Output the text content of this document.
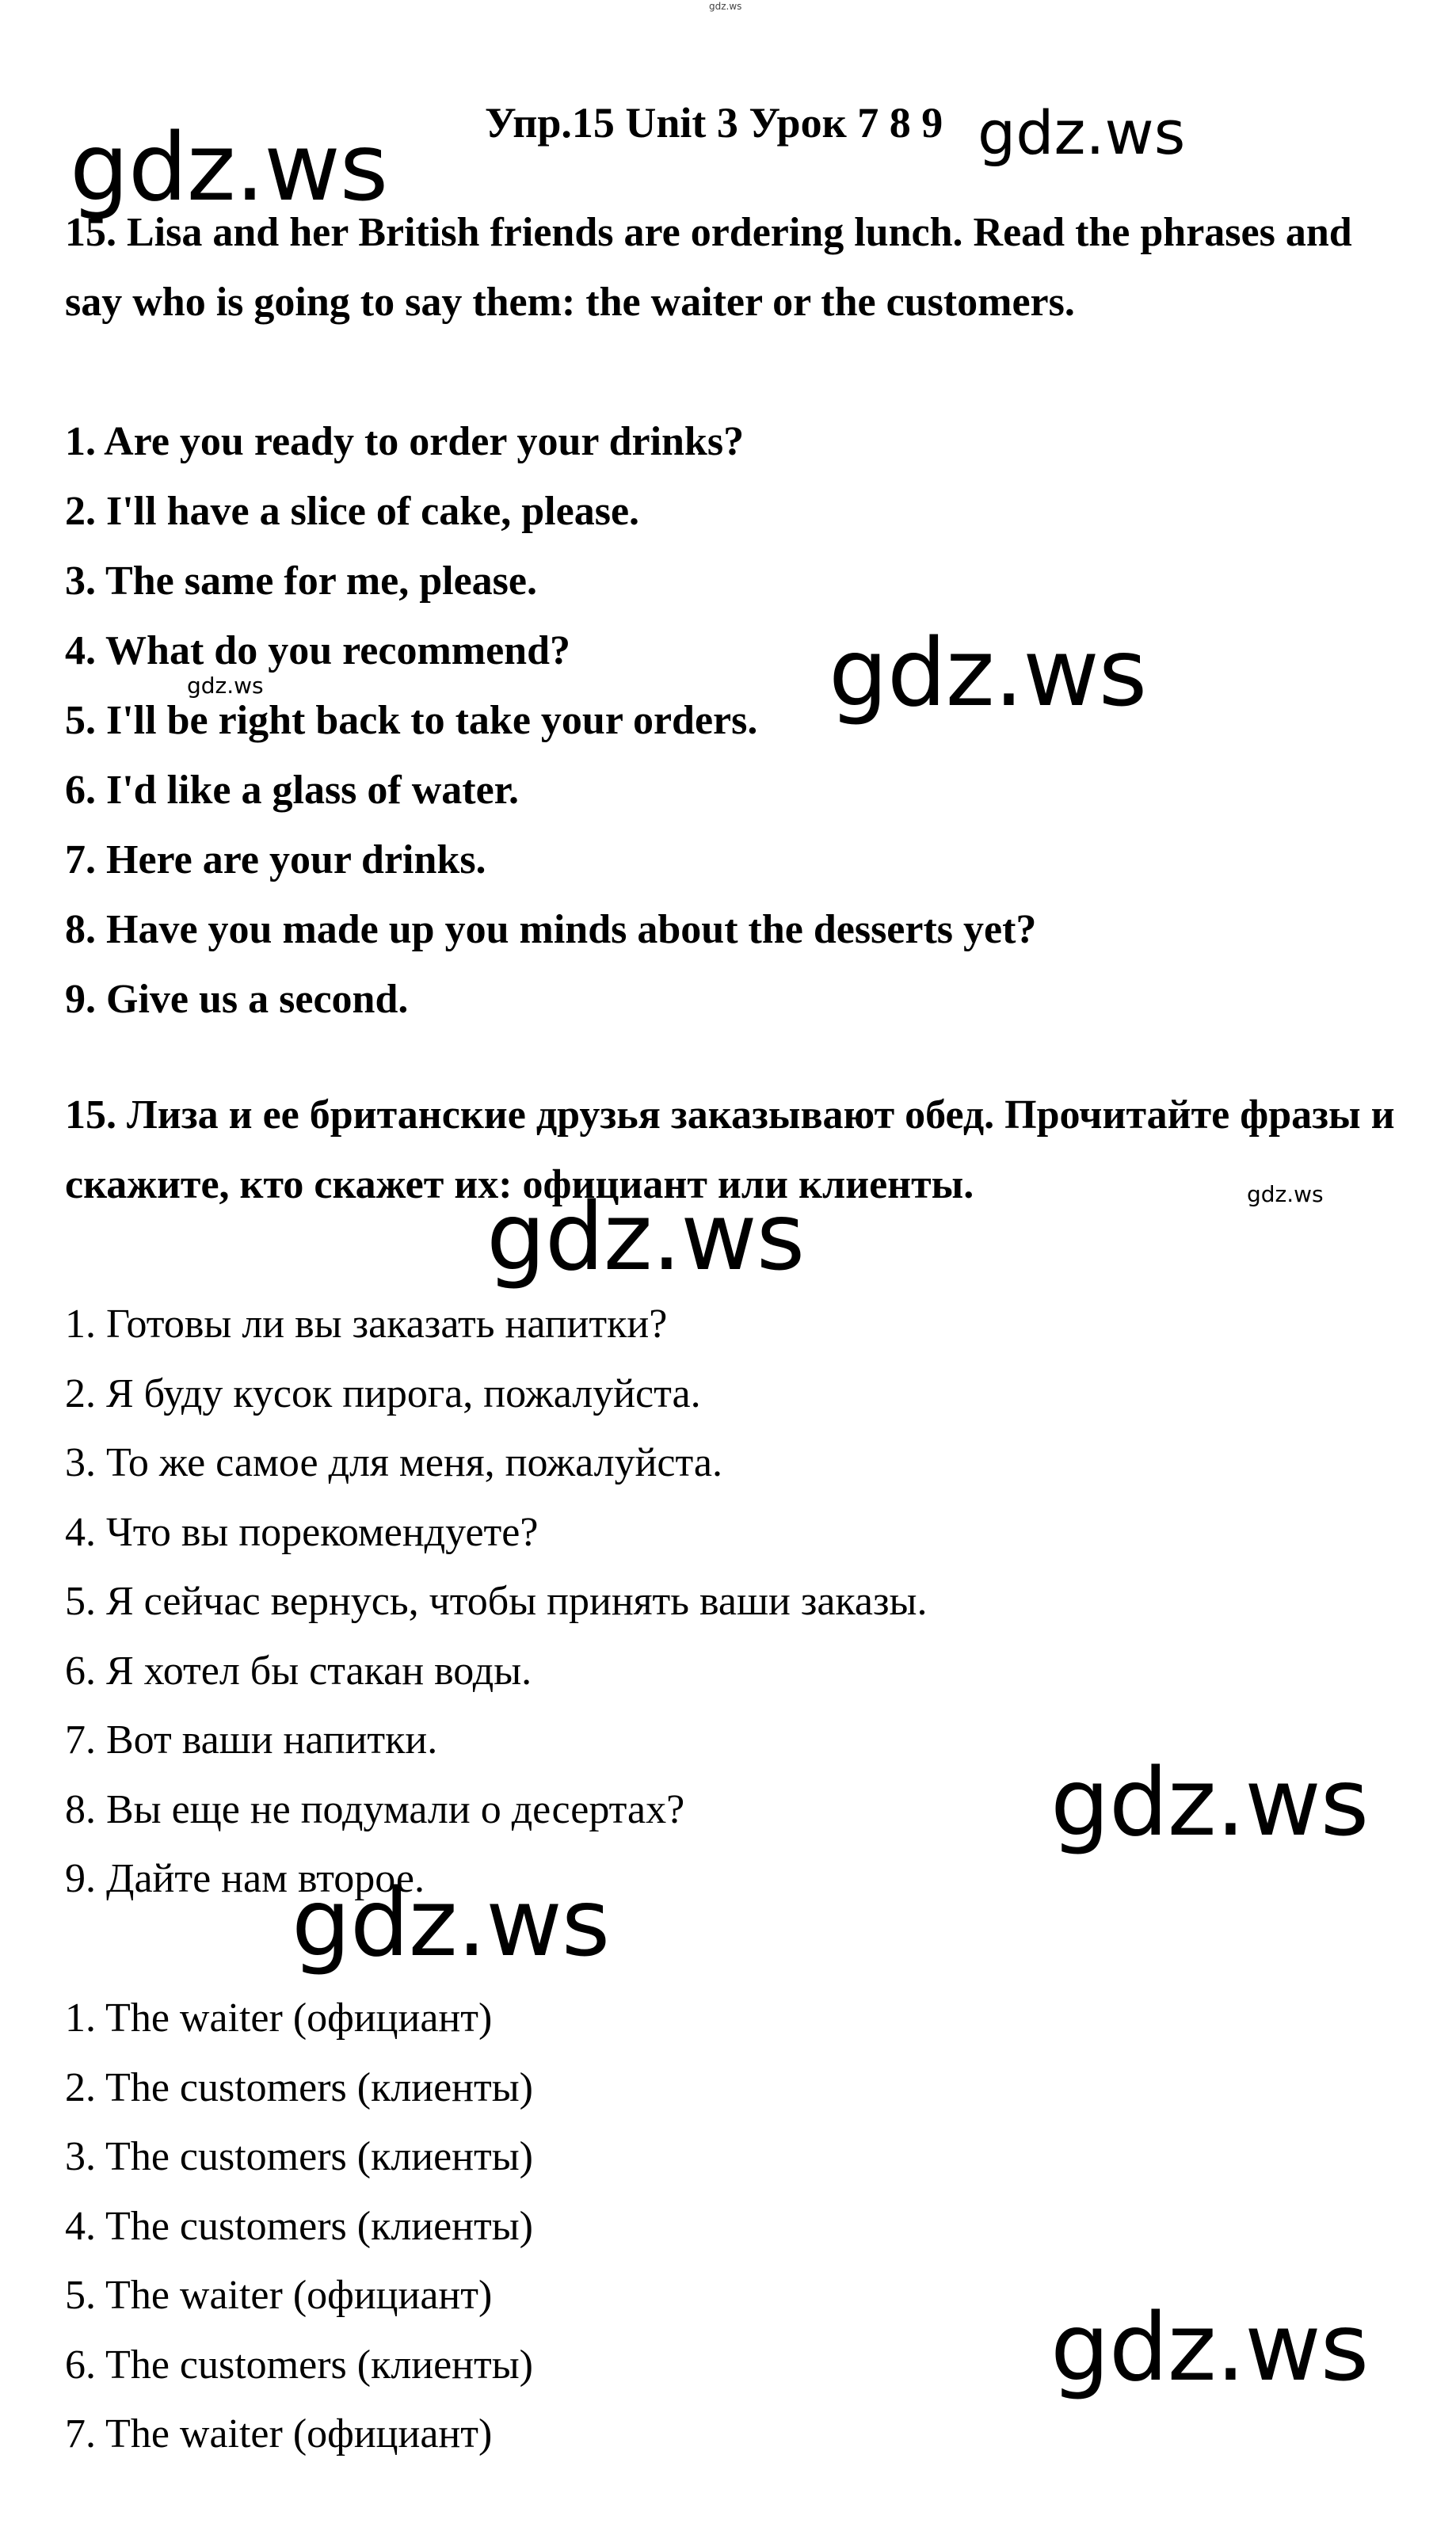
gdz.ws
gdz.ws	gdz.ws
gdz.ws
gdz.ws
gdz.ws
gdz.ws
gdz.ws
gdz.ws
gdz.ws
Упр.15 Unit 3 Урок 7 8 9

15. Lisa and her British friends are ordering lunch. Read the phrases and say who is going to say them: the waiter or the customers.

1. Are you ready to order your drinks?
2. I'll have a slice of cake, please.
3. The same for me, please.
4. What do you recommend?
5. I'll be right back to take your orders.
6. I'd like a glass of water.
7. Here are your drinks.
8. Have you made up you minds about the desserts yet?
9. Give us a second.

15. Лиза и ее британские друзья заказывают обед. Прочитайте фразы и скажите, кто скажет их: официант или клиенты.

1. Готовы ли вы заказать напитки?
2. Я буду кусок пирога, пожалуйста.
3. То же самое для меня, пожалуйста.
4. Что вы порекомендуете?
5. Я сейчас вернусь, чтобы принять ваши заказы.
6. Я хотел бы стакан воды.
7. Вот ваши напитки.
8. Вы еще не подумали о десертах?
9. Дайте нам второе.
1. The waiter (официант)
2. The customers (клиенты)
3. The customers (клиенты)
4. The customers (клиенты)
5. The waiter (официант)
6. The customers (клиенты)
7. The waiter (официант)
